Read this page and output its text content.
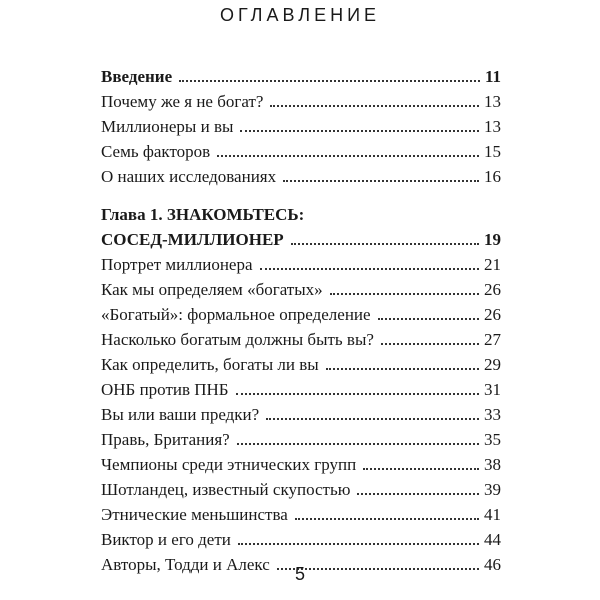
ОГЛАВЛЕНИЕ
Введение	11
Почему же я не богат?	13
Миллионеры и вы	13
Семь факторов	15
О наших исследованиях	16
Глава 1. ЗНАКОМЬТЕСЬ:
СОСЕД-МИЛЛИОНЕР	19
Портрет миллионера	21
Как мы определяем «богатых»	26
«Богатый»: формальное определение	26
Насколько богатым должны быть вы?	27
Как определить, богаты ли вы	29
ОНБ против ПНБ	31
Вы или ваши предки?	33
Правь, Британия?	35
Чемпионы среди этнических групп	38
Шотландец, известный скупостью	39
Этнические меньшинства	41
Виктор и его дети	44
Авторы, Тодди и Алекс	46
5
